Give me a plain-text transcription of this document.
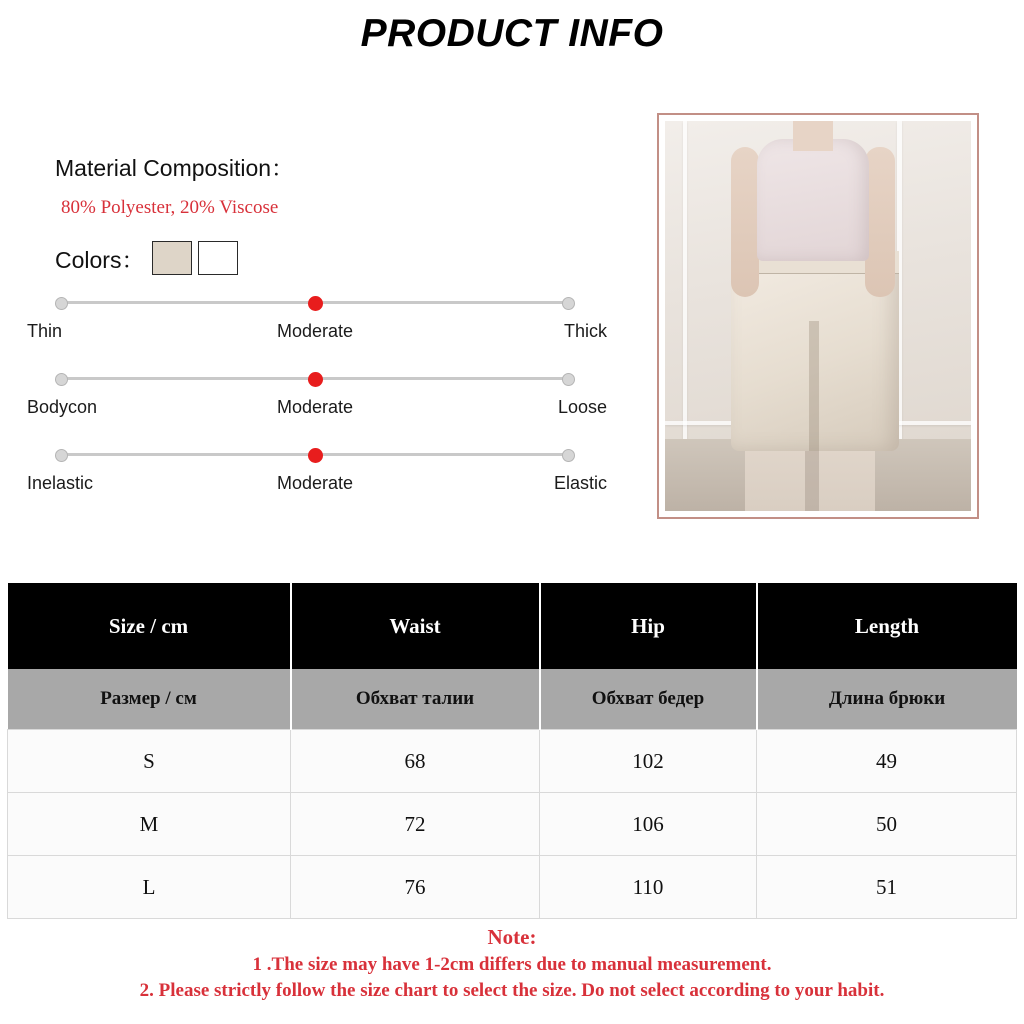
PRODUCT INFO
Material Composition：
80% Polyester, 20% Viscose
Colors：
Thin	Moderate	Thick
Bodycon	Moderate	Loose
Inelastic	Moderate	Elastic
Size / cm	Waist	Hip	Length
Размер / см	Обхват талии	Обхват бедер	Длина брюки
S	68	102	49
M	72	106	50
L	76	110	51
Note:
1 .The size may have 1-2cm differs due to manual measurement.
2. Please strictly follow the size chart to select the size. Do not select according to your habit.
